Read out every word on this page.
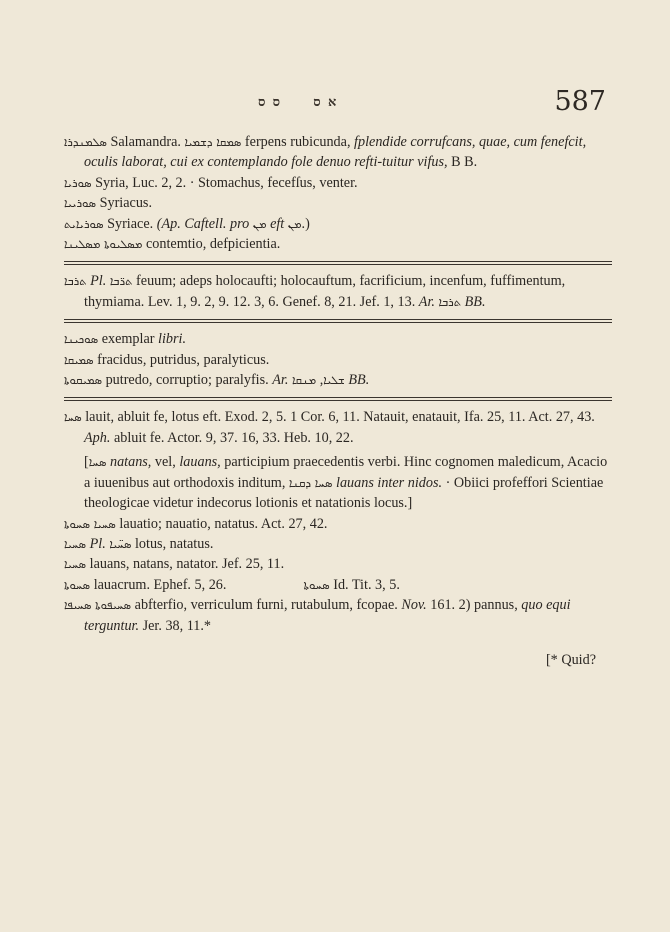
א ס ס ס	587

ܣܠܡܢܕܪܐ Salamandra. ܣܡܩܐ ܕܫܡܝܐ ferpens rubicunda, fplendide corrufcans, quae, cum fenefcit, oculis laborat, cui ex contemplando fole denuo refti-tuitur vifus, B B.

ܣܘܪܝܐ Syria, Luc. 2, 2. · Stomachus, fecefſus, venter.

ܣܘܪܝܝܐ Syriacus.

ܣܘܪܝܐܝܬ Syriace. (Ap. Caftell. pro ܡܢ eft ܡܢ.)

ܡܣܠܝܘܬܐ ܡܣܠܝܢܐ contemtio, defpicientia.

ܬܪܒܐ Pl. ܬܪ̈ܒܐ feuum; adeps holocaufti; holocauftum, facrificium, incenfum, fuffimentum, thymiama. Lev. 1, 9. 2, 9. 12. 3, 6. Genef. 8, 21. Jef. 1, 13. Ar. ܬܪܒܐ BB.

ܣܘܟܝܢܐ exemplar libri.

ܣܡܝܩܐ fracidus, putridus, paralyticus.

ܣܡܝܩܘܬܐ putredo, corruptio; paralyfis. Ar.	ܫܠܝܐ, ܡܢܩܐ BB.

ܣܚܐ lauit, abluit fe, lotus eft. Exod. 2, 5. 1 Cor. 6, 11. Natauit, enatauit, Ifa. 25, 11. Act. 27, 43. Aph. abluit fe. Actor. 9, 37. 16, 33. Heb. 10, 22.

[ܣܚܐ natans, vel, lauans, participium praecedentis verbi. Hinc cognomen maledicum, Acacio a iuuenibus aut orthodoxis inditum, ܣܚܐ ܕܩܢܐ lauans inter nidos. · Obiici profeffori Scientiae theologicae videtur indecorus lotionis et natationis locus.]

ܣܚܝܐ ܣܚܘܬܐ lauatio; nauatio, natatus. Act. 27, 42.

ܣܚܝܐ Pl. ܣܚ̈ܝܐ lotus, natatus.

ܣܚܝܐ lauans, natans, natator. Jef. 25, 11.

ܣܚܘܬܐ lauacrum. Ephef. 5, 26.	ܣܚܘܬܐ Id. Tit. 3, 5.

ܣܚܝܦܘܬܐ ܣܚܝܦܐ abfterfio, verriculum furni, rutabulum, fcopae. Nov. 161. 2) pannus, quo equi terguntur. Jer. 38, 11.*

[* Quid?
